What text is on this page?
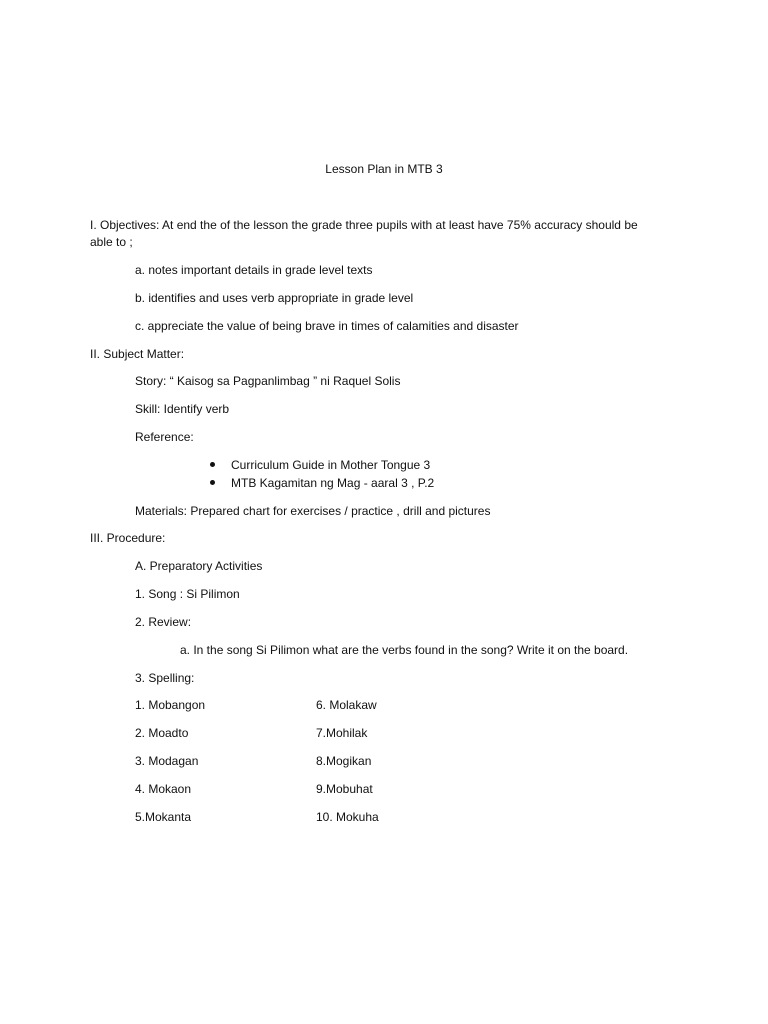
Lesson Plan in MTB 3
I. Objectives: At end the of the lesson the grade three pupils with at least have 75% accuracy should be
able to ;
a. notes important details in grade level texts
b. identifies and uses verb appropriate in grade level
c. appreciate the value of being brave in times of calamities and disaster
II. Subject Matter:
Story: “ Kaisog sa Pagpanlimbag ” ni Raquel Solis
Skill: Identify verb
Reference:
Curriculum Guide in Mother Tongue 3
MTB Kagamitan ng Mag - aaral 3 , P.2
Materials: Prepared chart for exercises / practice , drill and pictures
III. Procedure:
A. Preparatory Activities
1. Song : Si Pilimon
2. Review:
a. In the song Si Pilimon what are the verbs found in the song? Write it on the board.
3. Spelling:
1. Mobangon	6. Molakaw
2. Moadto	7.Mohilak
3. Modagan	8.Mogikan
4. Mokaon	9.Mobuhat
5.Mokanta	10. Mokuha
